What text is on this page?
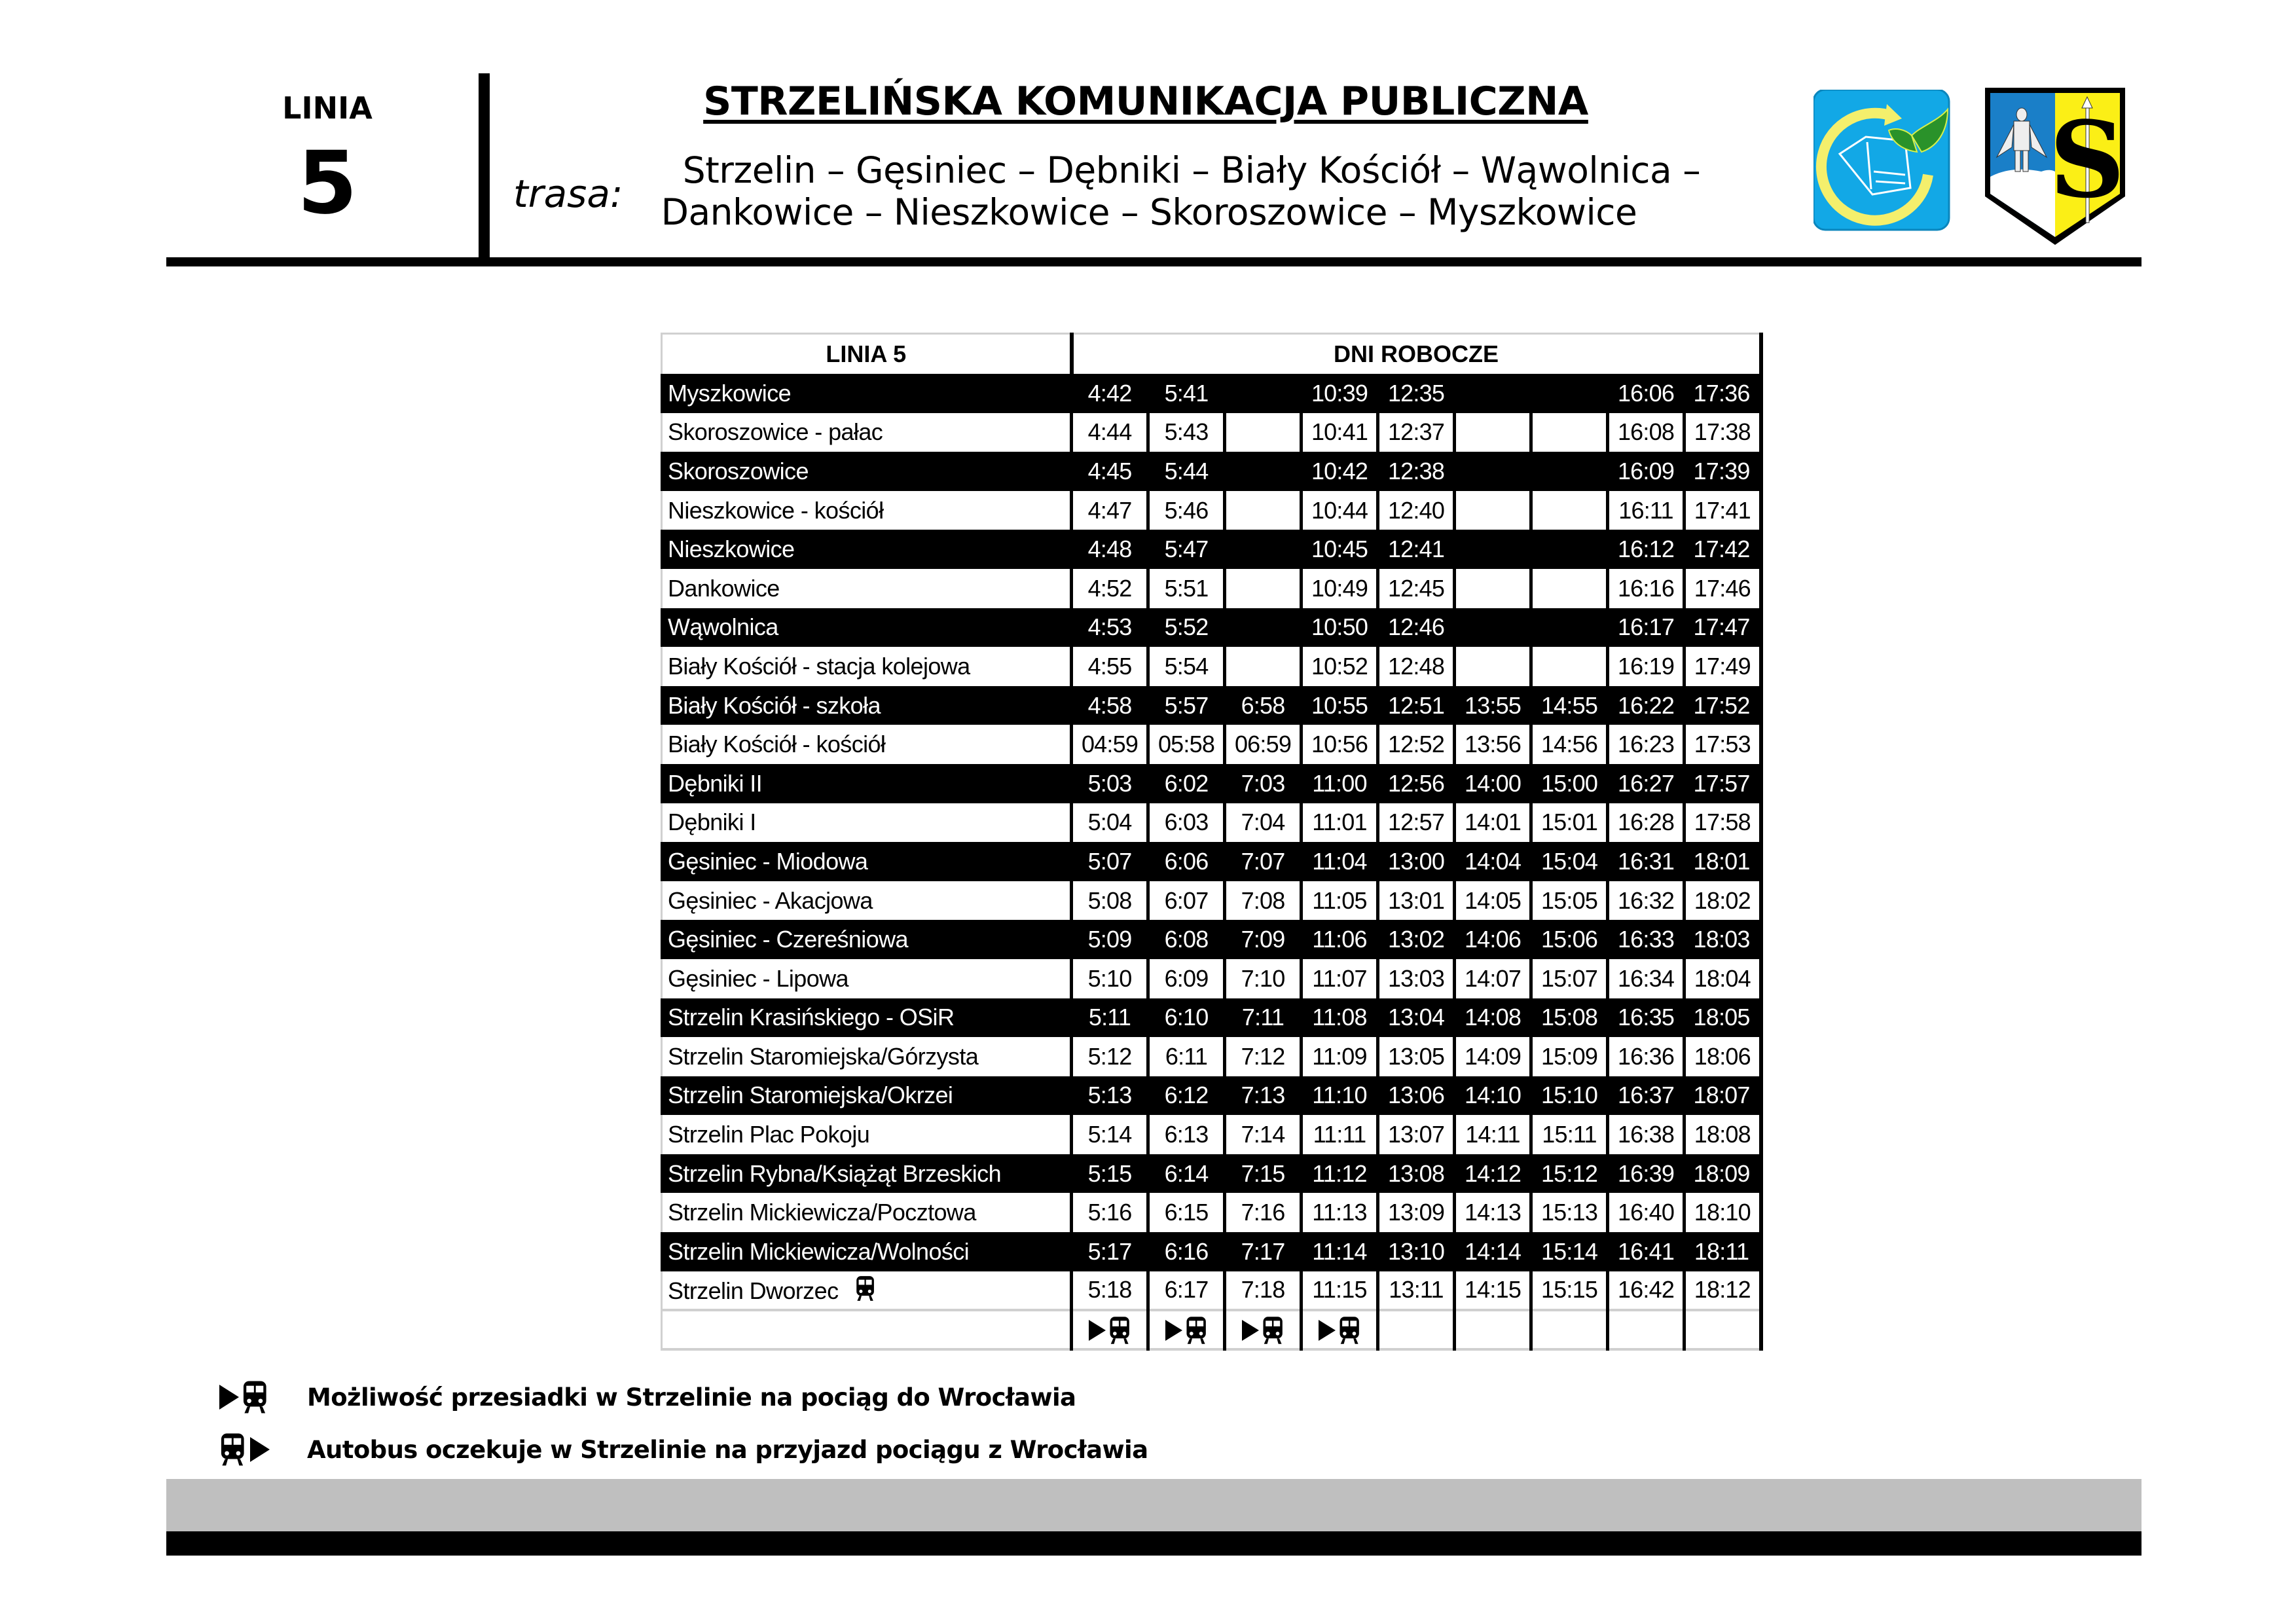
LINIA
5	trasa:
STRZELIŃSKA KOMUNIKACJA PUBLICZNA
Strzelin – Gęsiniec – Dębniki – Biały Kościół – Wąwolnica –
Dankowice – Nieszkowice – Skoroszowice – Myszkowice	S
LINIA 5	DNI ROBOCZE								
Myszkowice	4:42	5:41		10:39	12:35			16:06	17:36
Skoroszowice - pałac	4:44	5:43		10:41	12:37			16:08	17:38
Skoroszowice	4:45	5:44		10:42	12:38			16:09	17:39
Nieszkowice - kościół	4:47	5:46		10:44	12:40			16:11	17:41
Nieszkowice	4:48	5:47		10:45	12:41			16:12	17:42
Dankowice	4:52	5:51		10:49	12:45			16:16	17:46
Wąwolnica	4:53	5:52		10:50	12:46			16:17	17:47
Biały Kościół - stacja kolejowa	4:55	5:54		10:52	12:48			16:19	17:49
Biały Kościół - szkoła	4:58	5:57	6:58	10:55	12:51	13:55	14:55	16:22	17:52
Biały Kościół - kościół	04:59	05:58	06:59	10:56	12:52	13:56	14:56	16:23	17:53
Dębniki II	5:03	6:02	7:03	11:00	12:56	14:00	15:00	16:27	17:57
Dębniki I	5:04	6:03	7:04	11:01	12:57	14:01	15:01	16:28	17:58
Gęsiniec - Miodowa	5:07	6:06	7:07	11:04	13:00	14:04	15:04	16:31	18:01
Gęsiniec - Akacjowa	5:08	6:07	7:08	11:05	13:01	14:05	15:05	16:32	18:02
Gęsiniec - Czereśniowa	5:09	6:08	7:09	11:06	13:02	14:06	15:06	16:33	18:03
Gęsiniec - Lipowa	5:10	6:09	7:10	11:07	13:03	14:07	15:07	16:34	18:04
Strzelin Krasińskiego - OSiR	5:11	6:10	7:11	11:08	13:04	14:08	15:08	16:35	18:05
Strzelin Staromiejska/Górzysta	5:12	6:11	7:12	11:09	13:05	14:09	15:09	16:36	18:06
Strzelin Staromiejska/Okrzei	5:13	6:12	7:13	11:10	13:06	14:10	15:10	16:37	18:07
Strzelin Plac Pokoju	5:14	6:13	7:14	11:11	13:07	14:11	15:11	16:38	18:08
Strzelin Rybna/Książąt Brzeskich	5:15	6:14	7:15	11:12	13:08	14:12	15:12	16:39	18:09
Strzelin Mickiewicza/Pocztowa	5:16	6:15	7:16	11:13	13:09	14:13	15:13	16:40	18:10
Strzelin Mickiewicza/Wolności	5:17	6:16	7:17	11:14	13:10	14:14	15:14	16:41	18:11
Strzelin Dworzec	5:18	6:17	7:18	11:15	13:11	14:15	15:15	16:42	18:12

Możliwość przesiadki w Strzelinie na pociąg do Wrocławia
Autobus oczekuje w Strzelinie na przyjazd pociągu z Wrocławia
